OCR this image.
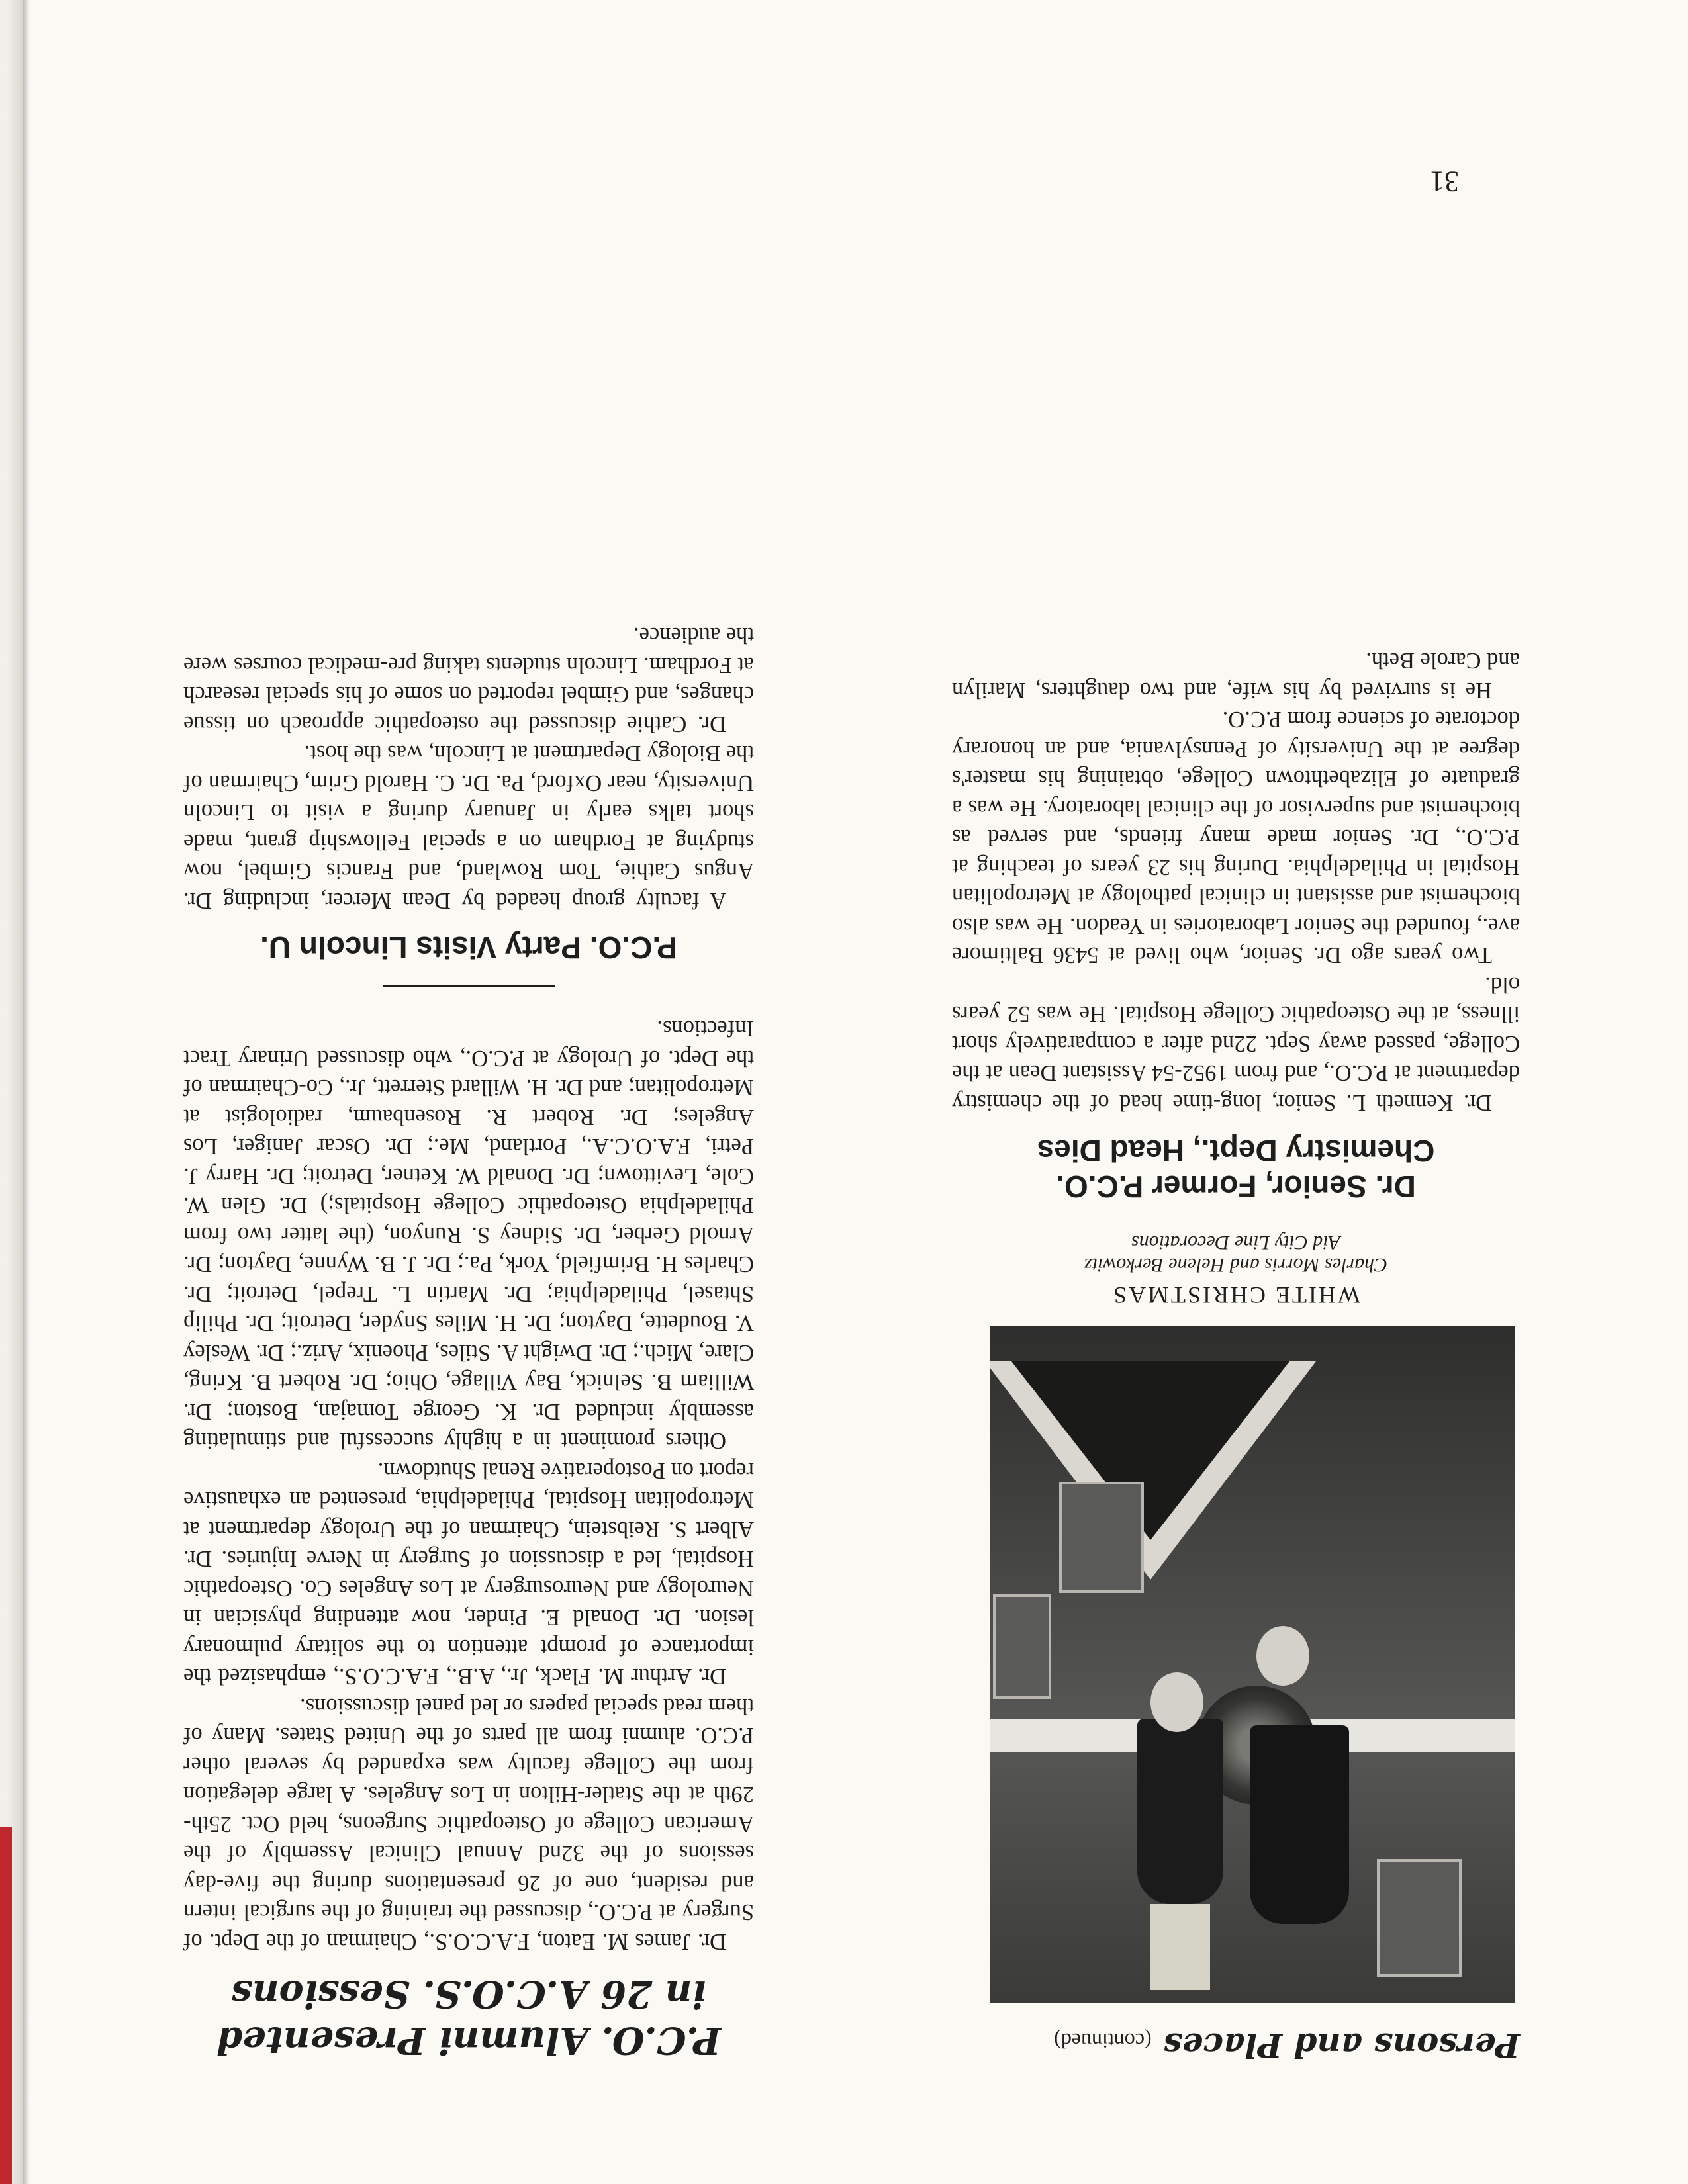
31
P.C.O. Alumni Presented
in 26 A.C.O.S. Sessions

Dr. James M. Eaton, F.A.C.O.S., Chairman of the Dept. of Surgery at P.C.O., discussed the training of the surgical intern and resident, one of 26 presentations during the five-day sessions of the 32nd Annual Clinical Assembly of the American College of Osteopathic Surgeons, held Oct. 25th-29th at the Statler-Hilton in Los Angeles. A large delegation from the College faculty was expanded by several other P.C.O. alumni from all parts of the United States. Many of them read special papers or led panel discussions.

Dr. Arthur M. Flack, Jr., A.B., F.A.C.O.S., emphasized the importance of prompt attention to the solitary pulmonary lesion. Dr. Donald E. Pinder, now attending physician in Neurology and Neurosurgery at Los Angeles Co. Osteopathic Hospital, led a discussion of Surgery in Nerve Injuries. Dr. Albert S. Reibstein, Chairman of the Urology department at Metropolitan Hospital, Philadelphia, presented an exhaustive report on Postoperative Renal Shutdown.

Others prominent in a highly successful and stimulating assembly included Dr. K. George Tomajan, Boston; Dr. William B. Selnick, Bay Village, Ohio; Dr. Robert B. Kring, Clare, Mich.; Dr. Dwight A. Stiles, Phoenix, Ariz.; Dr. Wesley V. Boudette, Dayton; Dr. H. Miles Snyder, Detroit; Dr. Philip Shtasel, Philadelphia; Dr. Martin L. Trepel, Detroit; Dr. Charles H. Brimfield, York, Pa.; Dr. J. B. Wynne, Dayton; Dr. Arnold Gerber, Dr. Sidney S. Runyon, (the latter two from Philadelphia Osteopathic College Hospitals;) Dr. Glen W. Cole, Levittown; Dr. Donald W. Ketner, Detroit; Dr. Harry J. Petri, F.A.O.C.A., Portland, Me.; Dr. Oscar Janiger, Los Angeles; Dr. Robert R. Rosenbaum, radiologist at Metropolitan; and Dr. H. Willard Sterrett, Jr., Co-Chairman of the Dept. of Urology at P.C.O., who discussed Urinary Tract Infections.

P.C.O. Party Visits Lincoln U.

A faculty group headed by Dean Mercer, including Dr. Angus Cathie, Tom Rowland, and Francis Gimbel, now studying at Fordham on a special Fellowship grant, made short talks early in January during a visit to Lincoln University, near Oxford, Pa. Dr. C. Harold Grim, Chairman of the Biology Department at Lincoln, was the host.

Dr. Cathie discussed the osteopathic approach on tissue changes, and Gimbel reported on some of his special research at Fordham. Lincoln students taking pre-medical courses were the audience.

Persons and Places (continued)
WHITE CHRISTMAS
Charles Morris and Helene Berkowitz
Aid City Line Decorations
Dr. Senior, Former P.C.O.
Chemistry Dept., Head Dies

Dr. Kenneth L. Senior, long-time head of the chemistry department at P.C.O., and from 1952-54 Assistant Dean at the College, passed away Sept. 22nd after a comparatively short illness, at the Osteopathic College Hospital. He was 52 years old.

Two years ago Dr. Senior, who lived at 5436 Baltimore ave., founded the Senior Laboratories in Yeadon. He was also biochemist and assistant in clinical pathology at Metropolitan Hospital in Philadelphia. During his 23 years of teaching at P.C.O., Dr. Senior made many friends, and served as biochemist and supervisor of the clinical laboratory. He was a graduate of Elizabethtown College, obtaining his master's degree at the University of Pennsylvania, and an honorary doctorate of science from P.C.O.

He is survived by his wife, and two daughters, Marilyn and Carole Beth.
